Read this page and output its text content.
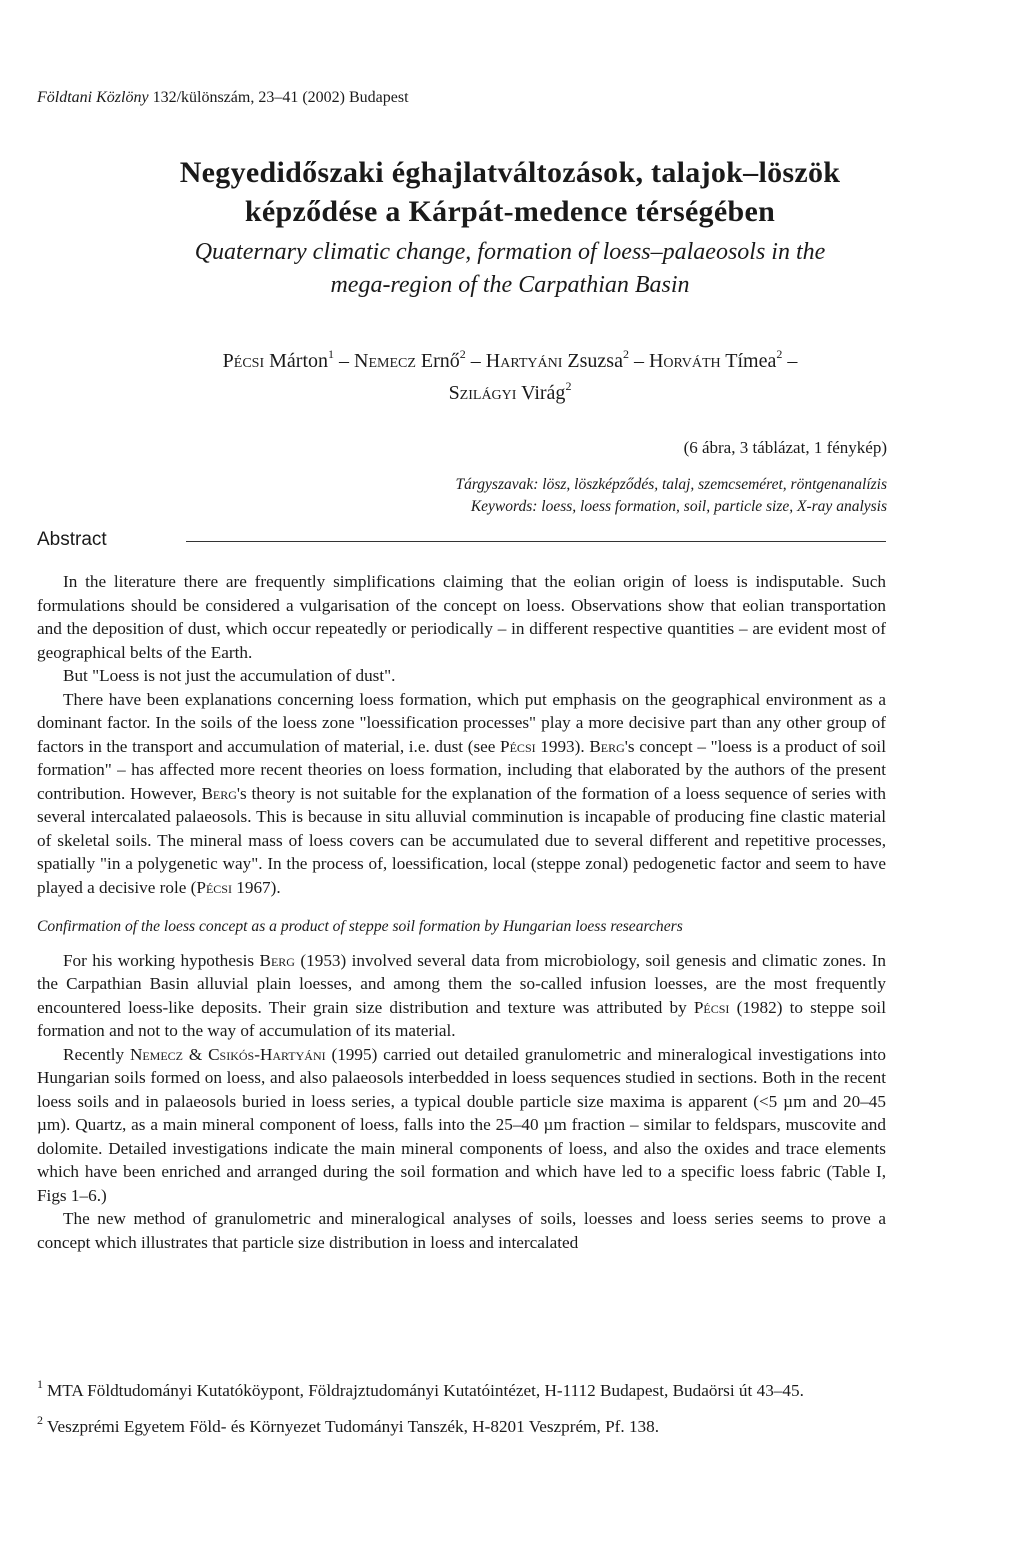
Földtani Közlöny 132/különszám, 23–41 (2002) Budapest
Negyedidőszaki éghajlatváltozások, talajok–löszök
képződése a Kárpát-medence térségében
Quaternary climatic change, formation of loess–palaeosols in the
mega-region of the Carpathian Basin
Pécsi Márton$^1$ – Nemecz Ernő$^2$ – Hartyáni Zsuzsa$^2$ – Horváth Tímea$^2$ –
Szilágyi Virág$^2$
(6 ábra, 3 táblázat, 1 fénykép)
Tárgyszavak: lösz, löszképződés, talaj, szemcseméret, röntgenanalízis
Keywords: loess, loess formation, soil, particle size, X-ray analysis
Abstract

In the literature there are frequently simplifications claiming that the eolian origin of loess is indisputable. Such formulations should be considered a vulgarisation of the concept on loess. Observations show that eolian transportation and the deposition of dust, which occur repeatedly or periodically – in different respective quantities – are evident most of geographical belts of the Earth.

But "Loess is not just the accumulation of dust".

There have been explanations concerning loess formation, which put emphasis on the geographical environment as a dominant factor. In the soils of the loess zone "loessification processes" play a more decisive part than any other group of factors in the transport and accumulation of material, i.e. dust (see Pécsi 1993). Berg's concept – "loess is a product of soil formation" – has affected more recent theories on loess formation, including that elaborated by the authors of the present contribution. However, Berg's theory is not suitable for the explanation of the formation of a loess sequence of series with several intercalated palaeosols. This is because in situ alluvial comminution is incapable of producing fine clastic material of skeletal soils. The mineral mass of loess covers can be accumulated due to several different and repetitive processes, spatially "in a polygenetic way". In the process of, loessification, local (steppe zonal) pedogenetic factor and seem to have played a decisive role (Pécsi 1967).

Confirmation of the loess concept as a product of steppe soil formation by Hungarian loess researchers

For his working hypothesis Berg (1953) involved several data from microbiology, soil genesis and climatic zones. In the Carpathian Basin alluvial plain loesses, and among them the so-called infusion loesses, are the most frequently encountered loess-like deposits. Their grain size distribution and texture was attributed by Pécsi (1982) to steppe soil formation and not to the way of accumulation of its material.

Recently Nemecz & Csikós-Hartyáni (1995) carried out detailed granulometric and mineralogical investigations into Hungarian soils formed on loess, and also palaeosols interbedded in loess sequences studied in sections. Both in the recent loess soils and in palaeosols buried in loess series, a typical double particle size maxima is apparent (<5 µm and 20–45 µm). Quartz, as a main mineral component of loess, falls into the 25–40 µm fraction – similar to feldspars, muscovite and dolomite. Detailed investigations indicate the main mineral components of loess, and also the oxides and trace elements which have been enriched and arranged during the soil formation and which have led to a specific loess fabric (Table I, Figs 1–6.)

The new method of granulometric and mineralogical analyses of soils, loesses and loess series seems to prove a concept which illustrates that particle size distribution in loess and intercalated

$^1$ MTA Földtudományi Kutatóköypont, Földrajztudományi Kutatóintézet, H-1112 Budapest, Budaörsi út 43–45.

$^2$ Veszprémi Egyetem Föld- és Környezet Tudományi Tanszék, H-8201 Veszprém, Pf. 138.
